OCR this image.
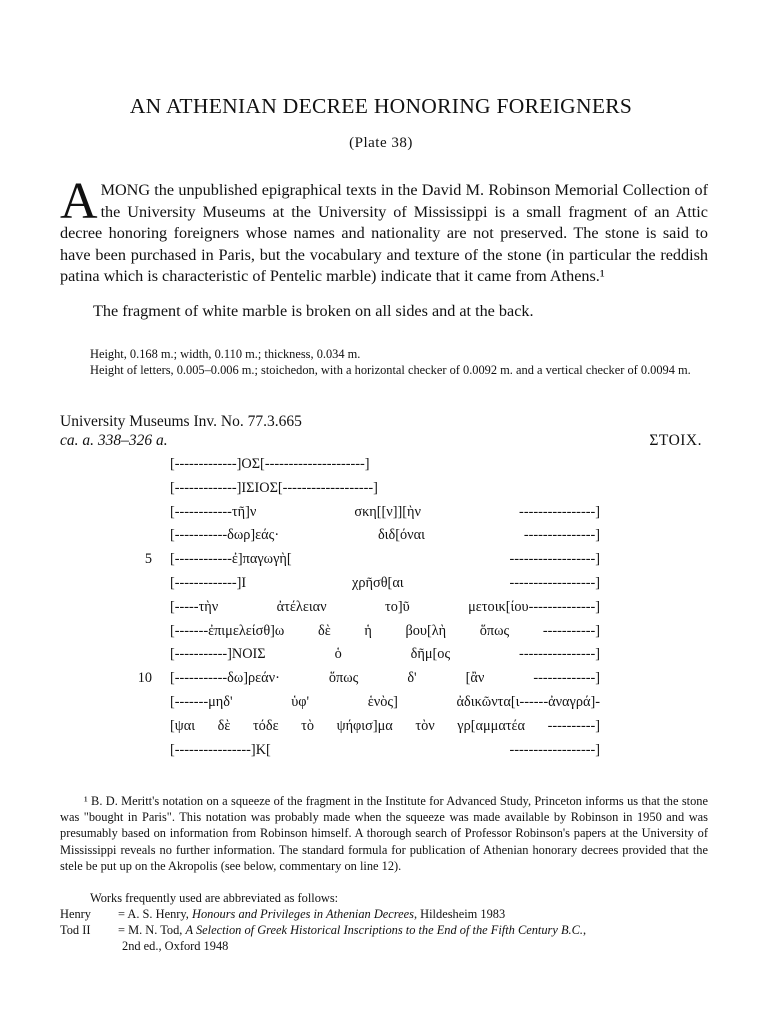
AN ATHENIAN DECREE HONORING FOREIGNERS
(Plate 38)
AMONG the unpublished epigraphical texts in the David M. Robinson Memorial Collection of the University Museums at the University of Mississippi is a small fragment of an Attic decree honoring foreigners whose names and nationality are not preserved. The stone is said to have been purchased in Paris, but the vocabulary and texture of the stone (in particular the reddish patina which is characteristic of Pentelic marble) indicate that it came from Athens.¹
The fragment of white marble is broken on all sides and at the back.
Height, 0.168 m.; width, 0.110 m.; thickness, 0.034 m.
Height of letters, 0.005–0.006 m.; stoichedon, with a horizontal checker of 0.0092 m. and a vertical checker of 0.0094 m.
University Museums Inv. No. 77.3.665
ca. a. 338–326 a.	ΣΤΟΙΧ.
[-------------]ΟΣ[---------------------]
[-------------]ΙΣΙΟΣ[-------------------]
[------------τῆ]ν σκη[[ν]][ὴν ----------------]
[-----------δωρ]εάς· διδ[όναι ---------------]
5 [------------ἐ]παγωγὴ[ ------------------]
[-------------]Ι χρῆσθ[αι ------------------]
[-----τὴν ἀτέλειαν το]ῦ μετοικ[ίου--------------]
[-------ἐπιμελείσθ]ω δὲ ἡ βου[λὴ ὅπως -----------]
[-----------]ΝΟΙΣ ὁ δῆμ[ος ----------------]
10 [-----------δω]ρεάν· ὅπως δ' [ἂν -------------]
[-------μηδ' ὑφ' ἑνὸς] ἀδικῶντα[ι------ἀναγρά]-
[ψαι δὲ τόδε τὸ ψήφισ]μα τὸν γρ[αμματέα ----------]
[----------------]Κ[ ------------------]
¹ B. D. Meritt's notation on a squeeze of the fragment in the Institute for Advanced Study, Princeton informs us that the stone was "bought in Paris". This notation was probably made when the squeeze was made available by Robinson in 1950 and was presumably based on information from Robinson himself. A thorough search of Professor Robinson's papers at the University of Mississippi reveals no further information. The standard formula for publication of Athenian honorary decrees provided that the stele be put up on the Akropolis (see below, commentary on line 12).
Works frequently used are abbreviated as follows:
Henry = A. S. Henry, Honours and Privileges in Athenian Decrees, Hildesheim 1983
Tod II = M. N. Tod, A Selection of Greek Historical Inscriptions to the End of the Fifth Century B.C.,
2nd ed., Oxford 1948
